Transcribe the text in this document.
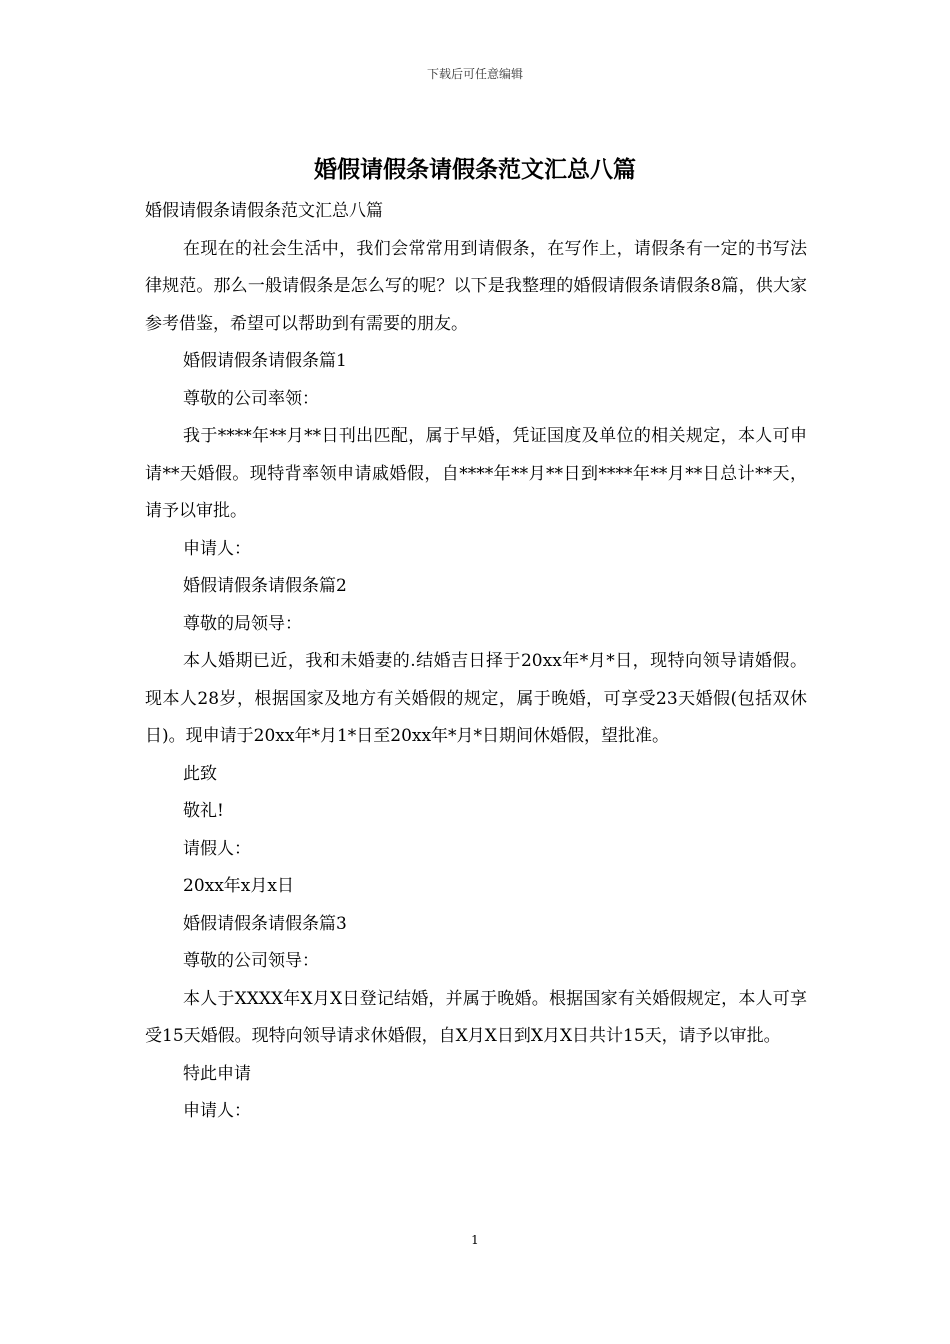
下载后可任意编辑
婚假请假条请假条范文汇总八篇

婚假请假条请假条范文汇总八篇

在现在的社会生活中，我们会常常用到请假条，在写作上，请假条有一定的书写法律规范。那么一般请假条是怎么写的呢？以下是我整理的婚假请假条请假条8篇，供大家参考借鉴，希望可以帮助到有需要的朋友。

婚假请假条请假条篇1

尊敬的公司率领：

我于****年**月**日刊出匹配，属于早婚，凭证国度及单位的相关规定，本人可申请**天婚假。现特背率领申请戚婚假，自****年**月**日到****年**月**日总计**天，请予以审批。

申请人：

婚假请假条请假条篇2

尊敬的局领导：

本人婚期已近，我和未婚妻的.结婚吉日择于20xx年*月*日，现特向领导请婚假。现本人28岁，根据国家及地方有关婚假的规定，属于晚婚，可享受23天婚假(包括双休日)。现申请于20xx年*月1*日至20xx年*月*日期间休婚假，望批准。

此致

敬礼!

请假人：

20xx年x月x日

婚假请假条请假条篇3

尊敬的公司领导：

本人于XXXX年X月X日登记结婚，并属于晚婚。根据国家有关婚假规定，本人可享受15天婚假。现特向领导请求休婚假，自X月X日到X月X日共计15天，请予以审批。

特此申请

申请人：

1
